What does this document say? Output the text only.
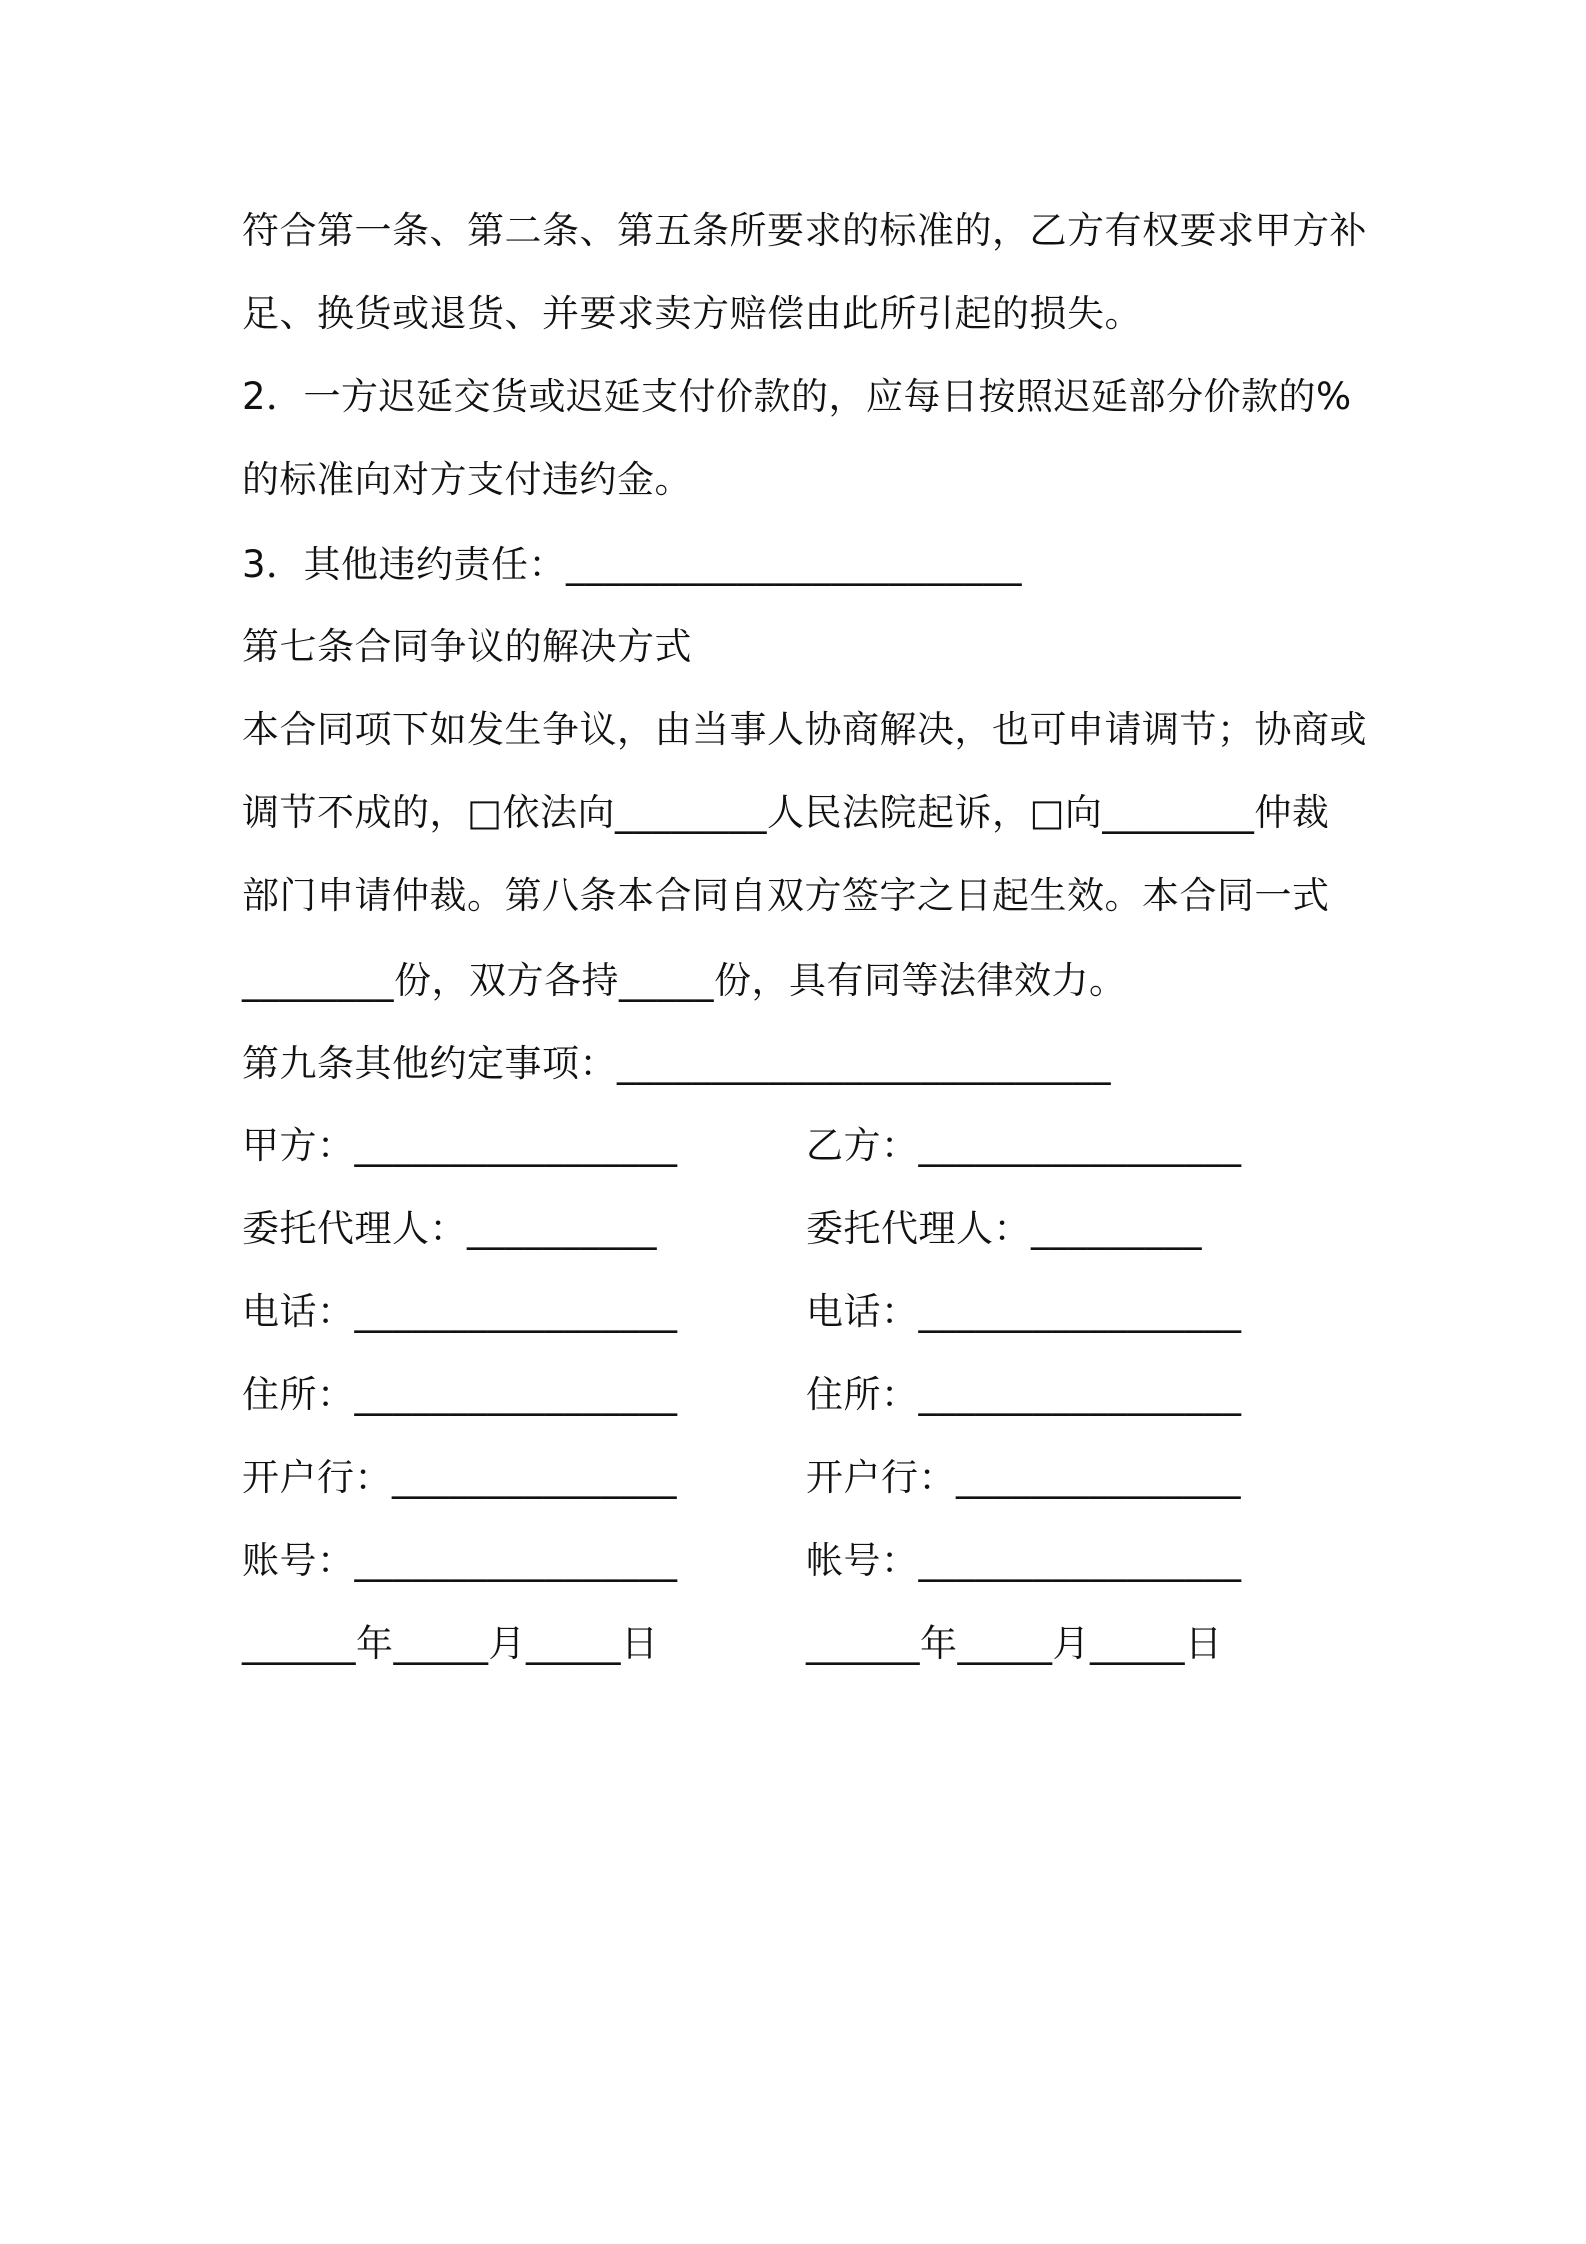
符合第一条、第二条、第五条所要求的标准的，乙方有权要求甲方补
足、换货或退货、并要求卖方赔偿由此所引起的损失。
2．一方迟延交货或迟延支付价款的，应每日按照迟延部分价款的%
的标准向对方支付违约金。
3．其他违约责任：________________________
第七条合同争议的解决方式
本合同项下如发生争议，由当事人协商解决，也可申请调节；协商或
调节不成的，□依法向________人民法院起诉，□向________仲裁
部门申请仲裁。第八条本合同自双方签字之日起生效。本合同一式
________份，双方各持_____份，具有同等法律效力。
第九条其他约定事项：__________________________
甲方：_________________
委托代理人：__________
电话：_________________
住所：_________________
开户行：_______________
账号：_________________
______年_____月_____日
乙方：_________________
委托代理人：_________
电话：_________________
住所：_________________
开户行：_______________
帐号：_________________
______年_____月_____日
